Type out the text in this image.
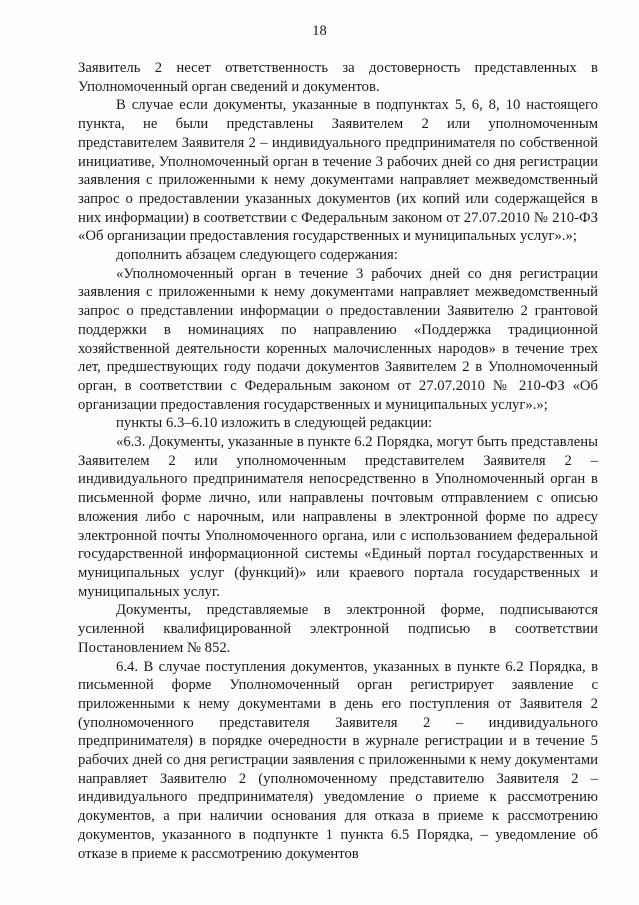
18

Заявитель 2 несет ответственность за достоверность представленных в Уполномоченный орган сведений и документов.

В случае если документы, указанные в подпунктах 5, 6, 8, 10 настоящего пункта, не были представлены Заявителем 2 или уполномоченным представителем Заявителя 2 – индивидуального предпринимателя по собственной инициативе, Уполномоченный орган в течение 3 рабочих дней со дня регистрации заявления с приложенными к нему документами направляет межведомственный запрос о предоставлении указанных документов (их копий или содержащейся в них информации) в соответствии с Федеральным законом от 27.07.2010 № 210-ФЗ «Об организации предоставления государственных и муниципальных услуг».»;

дополнить абзацем следующего содержания:

«Уполномоченный орган в течение 3 рабочих дней со дня регистрации заявления с приложенными к нему документами направляет межведомственный запрос о представлении информации о предоставлении Заявителю 2 грантовой поддержки в номинациях по направлению «Поддержка традиционной хозяйственной деятельности коренных малочисленных народов» в течение трех лет, предшествующих году подачи документов Заявителем 2 в Уполномоченный орган, в соответствии с Федеральным законом от 27.07.2010 № 210-ФЗ «Об организации предоставления государственных и муниципальных услуг».»;

пункты 6.3–6.10 изложить в следующей редакции:

«6.3. Документы, указанные в пункте 6.2 Порядка, могут быть представлены Заявителем 2 или уполномоченным представителем Заявителя 2 – индивидуального предпринимателя непосредственно в Уполномоченный орган в письменной форме лично, или направлены почтовым отправлением с описью вложения либо с нарочным, или направлены в электронной форме по адресу электронной почты Уполномоченного органа, или с использованием федеральной государственной информационной системы «Единый портал государственных и муниципальных услуг (функций)» или краевого портала государственных и муниципальных услуг.

Документы, представляемые в электронной форме, подписываются усиленной квалифицированной электронной подписью в соответствии Постановлением № 852.

6.4. В случае поступления документов, указанных в пункте 6.2 Порядка, в письменной форме Уполномоченный орган регистрирует заявление с приложенными к нему документами в день его поступления от Заявителя 2 (уполномоченного представителя Заявителя 2 – индивидуального предпринимателя) в порядке очередности в журнале регистрации и в течение 5 рабочих дней со дня регистрации заявления с приложенными к нему документами направляет Заявителю 2 (уполномоченному представителю Заявителя 2 – индивидуального предпринимателя) уведомление о приеме к рассмотрению документов, а при наличии основания для отказа в приеме к рассмотрению документов, указанного в подпункте 1 пункта 6.5 Порядка, – уведомление об отказе в приеме к рассмотрению документов
